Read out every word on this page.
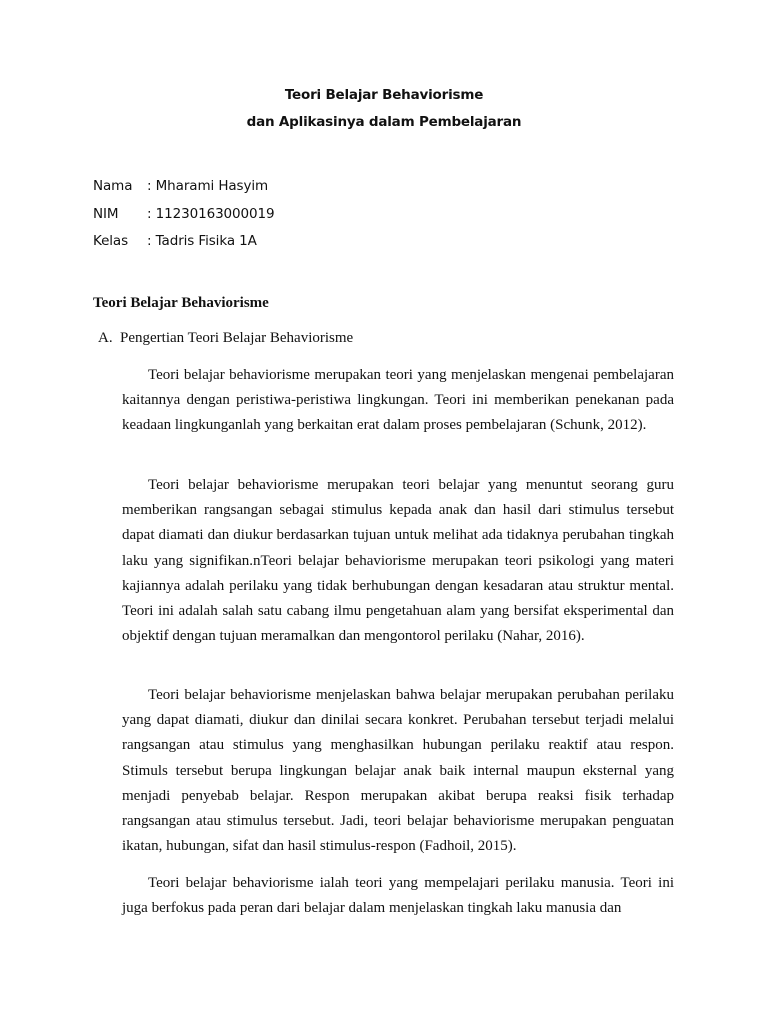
Teori Belajar Behaviorisme
dan Aplikasinya dalam Pembelajaran
Nama : Mharami Hasyim
NIM : 11230163000019
Kelas : Tadris Fisika 1A
Teori Belajar Behaviorisme
A. Pengertian Teori Belajar Behaviorisme

Teori belajar behaviorisme merupakan teori yang menjelaskan mengenai pembelajaran kaitannya dengan peristiwa-peristiwa lingkungan. Teori ini memberikan penekanan pada keadaan lingkunganlah yang berkaitan erat dalam proses pembelajaran (Schunk, 2012).

Teori belajar behaviorisme merupakan teori belajar yang menuntut seorang guru memberikan rangsangan sebagai stimulus kepada anak dan hasil dari stimulus tersebut dapat diamati dan diukur berdasarkan tujuan untuk melihat ada tidaknya perubahan tingkah laku yang signifikan.nTeori belajar behaviorisme merupakan teori psikologi yang materi kajiannya adalah perilaku yang tidak berhubungan dengan kesadaran atau struktur mental. Teori ini adalah salah satu cabang ilmu pengetahuan alam yang bersifat eksperimental dan objektif dengan tujuan meramalkan dan mengontorol perilaku (Nahar, 2016).

Teori belajar behaviorisme menjelaskan bahwa belajar merupakan perubahan perilaku yang dapat diamati, diukur dan dinilai secara konkret. Perubahan tersebut terjadi melalui rangsangan atau stimulus yang menghasilkan hubungan perilaku reaktif atau respon. Stimuls tersebut berupa lingkungan belajar anak baik internal maupun eksternal yang menjadi penyebab belajar. Respon merupakan akibat berupa reaksi fisik terhadap rangsangan atau stimulus tersebut. Jadi, teori belajar behaviorisme merupakan penguatan ikatan, hubungan, sifat dan hasil stimulus-respon (Fadhoil, 2015).

Teori belajar behaviorisme ialah teori yang mempelajari perilaku manusia. Teori ini juga berfokus pada peran dari belajar dalam menjelaskan tingkah laku manusia dan
